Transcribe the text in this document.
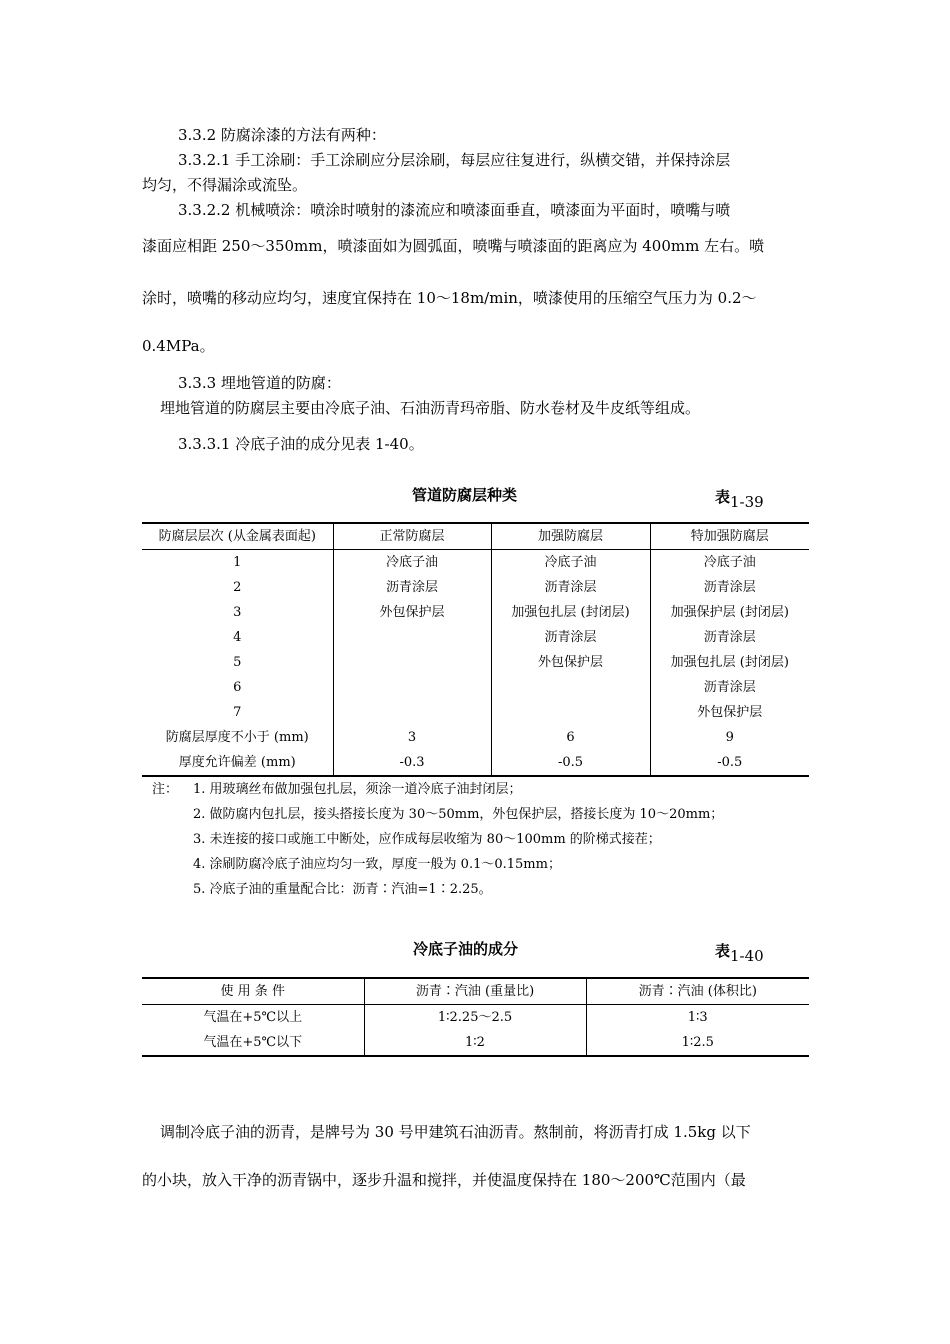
3.3.2 防腐涂漆的方法有两种：
3.3.2.1 手工涂刷：手工涂刷应分层涂刷，每层应往复进行，纵横交错，并保持涂层
均匀，不得漏涂或流坠。
3.3.2.2 机械喷涂：喷涂时喷射的漆流应和喷漆面垂直，喷漆面为平面时，喷嘴与喷
漆面应相距 250～350mm，喷漆面如为圆弧面，喷嘴与喷漆面的距离应为 400mm 左右。喷
涂时，喷嘴的移动应均匀，速度宜保持在 10～18m/min，喷漆使用的压缩空气压力为 0.2～
0.4MPa。
3.3.3 埋地管道的防腐：
埋地管道的防腐层主要由冷底子油、石油沥青玛帝脂、防水卷材及牛皮纸等组成。
3.3.3.1 冷底子油的成分见表 1-40。
管道防腐层种类	表1-39
防腐层层次 (从金属表面起)	正常防腐层	加强防腐层	特加强防腐层
1	冷底子油	冷底子油	冷底子油
2	沥青涂层	沥青涂层	沥青涂层
3	外包保护层	加强包扎层 (封闭层)	加强保护层 (封闭层)
4		沥青涂层	沥青涂层
5		外包保护层	加强包扎层 (封闭层)
6			沥青涂层
7			外包保护层
防腐层厚度不小于 (mm)	3	6	9
厚度允许偏差 (mm)	-0.3	-0.5	-0.5
注： 1. 用玻璃丝布做加强包扎层，须涂一道冷底子油封闭层；
2. 做防腐内包扎层，接头搭接长度为 30～50mm，外包保护层，搭接长度为 10～20mm；
3. 未连接的接口或施工中断处，应作成每层收缩为 80～100mm 的阶梯式接茬；
4. 涂刷防腐冷底子油应均匀一致，厚度一般为 0.1～0.15mm；
5. 冷底子油的重量配合比：沥青∶汽油=1∶2.25。
冷底子油的成分	表1-40
使 用 条 件	沥青∶汽油 (重量比)	沥青∶汽油 (体积比)
气温在+5℃以上	1∶2.25～2.5	1∶3
气温在+5℃以下	1∶2	1∶2.5
调制冷底子油的沥青，是牌号为 30 号甲建筑石油沥青。熬制前，将沥青打成 1.5kg 以下
的小块，放入干净的沥青锅中，逐步升温和搅拌，并使温度保持在 180～200℃范围内（最
